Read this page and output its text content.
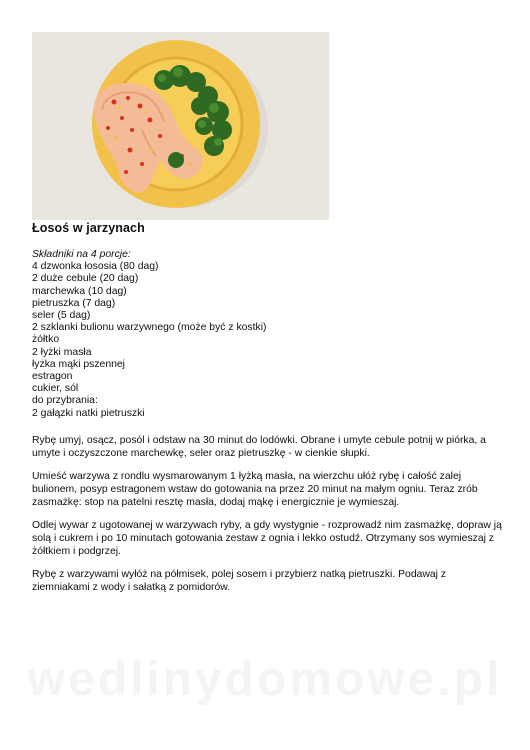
Łosoś w jarzynach
Składniki na 4 porcje:
4 dzwonka łososia (80 dag)
2 duże cebule (20 dag)
marchewka (10 dag)
pietruszka (7 dag)
seler (5 dag)
2 szklanki bulionu warzywnego (może być z kostki)
żółtko
2 łyżki masła
łyżka mąki pszennej
estragon
cukier, sól
do przybrania:
2 gałązki natki pietruszki
Rybę umyj, osącz, posól i odstaw na 30 minut do lodówki. Obrane i umyte cebule potnij w piórka, a umyte i oczyszczone marchewkę, seler oraz pietruszkę - w cienkie słupki.
Umieść warzywa z rondlu wysmarowanym 1 łyżką masła, na wierzchu ułóż rybę i całość zalej bulionem, posyp estragonem wstaw do gotowania na przez 20 minut na małym ogniu. Teraz zrób zasmażkę: stop na patelni resztę masła, dodaj mąkę i energicznie je wymieszaj.
Odlej wywar z ugotowanej w warzywach ryby, a gdy wystygnie - rozprowadź nim zasmażkę, dopraw ją solą i cukrem i po 10 minutach gotowania zestaw z ognia i lekko ostudź. Otrzymany sos wymieszaj z żółtkiem i podgrzej.
Rybę z warzywami wyłóż na półmisek, polej sosem i przybierz natką pietruszki. Podawaj z ziemniakami z wody i sałatką z pomidorów.
wedlinydomowe.pl
